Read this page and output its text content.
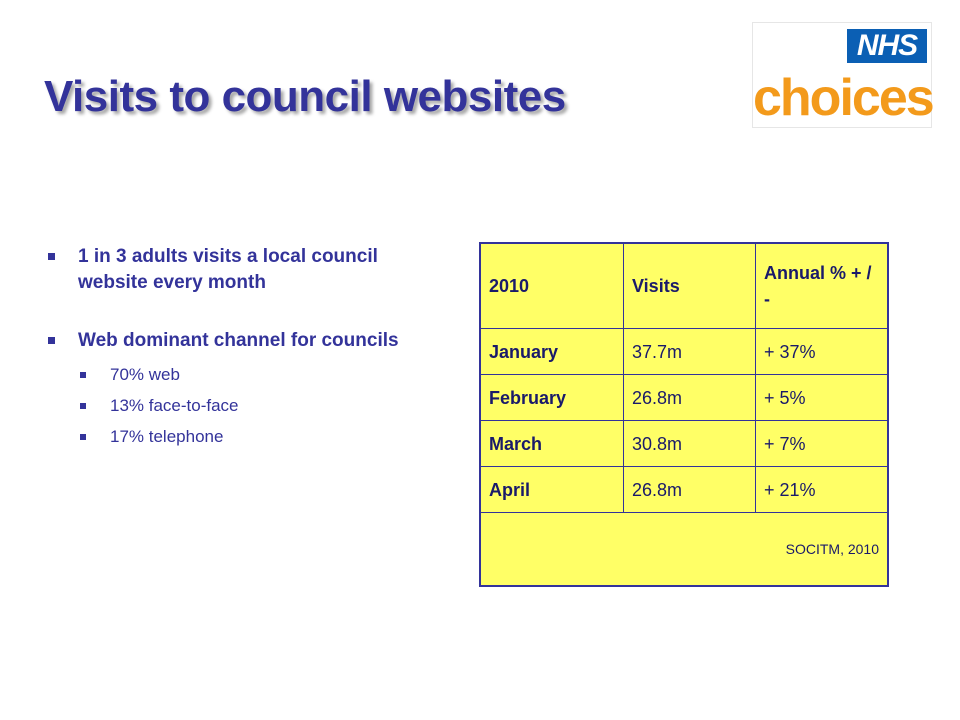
Visits to council websites
NHS
choices
1 in 3 adults visits a local council website every month
Web dominant channel for councils
70% web
13% face-to-face
17% telephone
2010	Visits	Annual % + / -
January	37.7m	+ 37%
February	26.8m	+ 5%
March	30.8m	+ 7%
April	26.8m	+ 21%
SOCITM, 2010		
